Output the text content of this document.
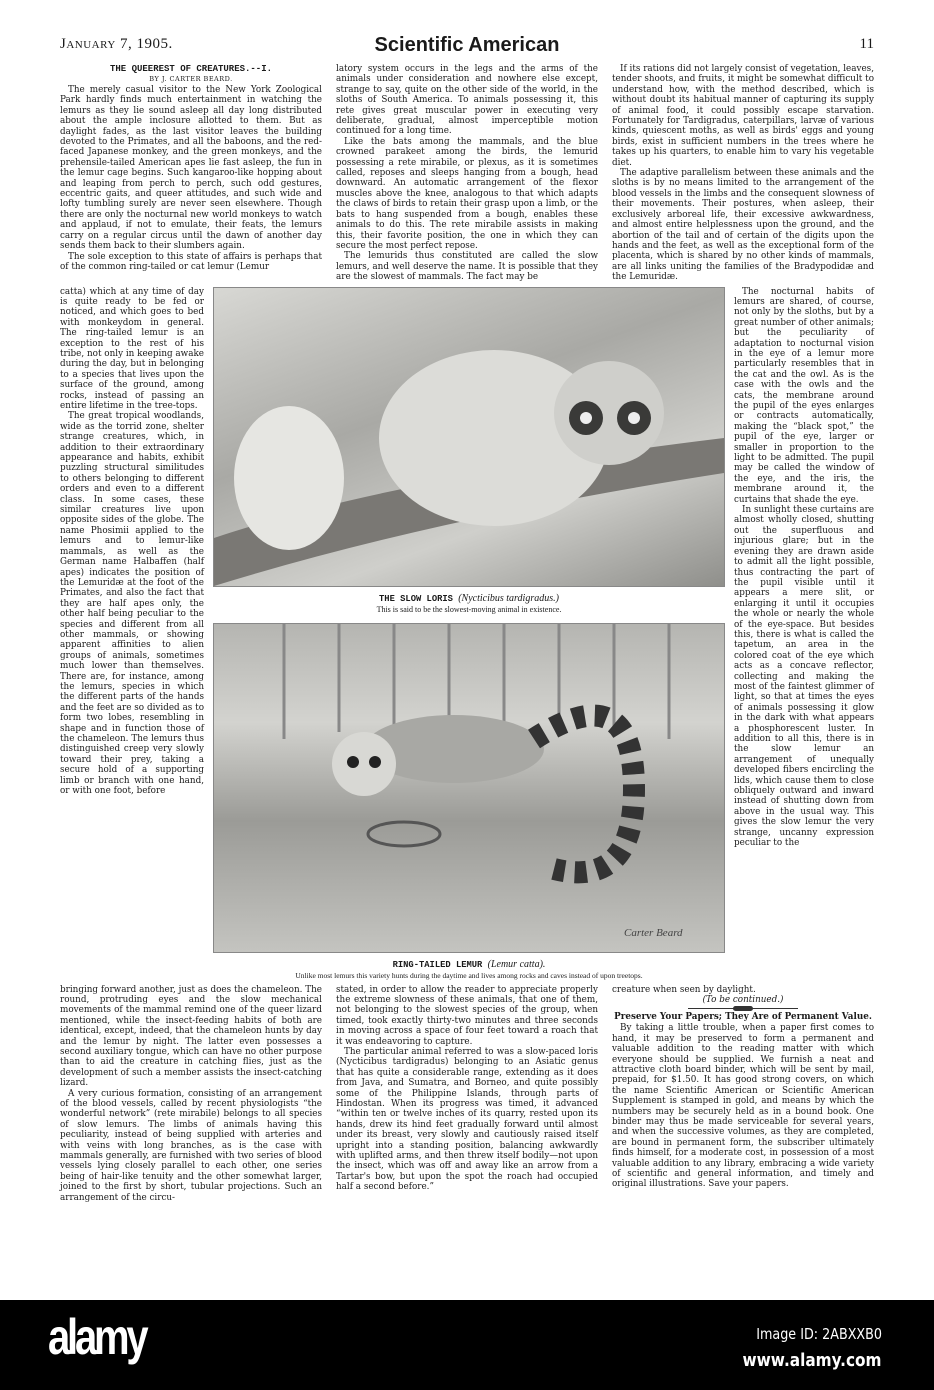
January 7, 1905.	Scientific American	11
THE QUEEREST OF CREATURES.--I.
BY J. CARTER BEARD.

The merely casual visitor to the New York Zoological Park hardly finds much entertainment in watching the lemurs as they lie sound asleep all day long distributed about the ample inclosure allotted to them. But as daylight fades, as the last visitor leaves the building devoted to the Primates, and all the baboons, and the red-faced Japanese monkey, and the green monkeys, and the prehensile-tailed American apes lie fast asleep, the fun in the lemur cage begins. Such kangaroo-like hopping about and leaping from perch to perch, such odd gestures, eccentric gaits, and queer attitudes, and such wide and lofty tumbling surely are never seen elsewhere. Though there are only the nocturnal new world monkeys to watch and applaud, if not to emulate, their feats, the lemurs carry on a regular circus until the dawn of another day sends them back to their slumbers again.

The sole exception to this state of affairs is perhaps that of the common ring-tailed or cat lemur (Lemur

latory system occurs in the legs and the arms of the animals under consideration and nowhere else except, strange to say, quite on the other side of the world, in the sloths of South America. To animals possessing it, this rete gives great muscular power in executing very deliberate, gradual, almost imperceptible motion continued for a long time.

Like the bats among the mammals, and the blue crowned parakeet among the birds, the lemurid possessing a rete mirabile, or plexus, as it is sometimes called, reposes and sleeps hanging from a bough, head downward. An automatic arrangement of the flexor muscles above the knee, analogous to that which adapts the claws of birds to retain their grasp upon a limb, or the bats to hang suspended from a bough, enables these animals to do this. The rete mirabile assists in making this, their favorite position, the one in which they can secure the most perfect repose.

The lemurids thus constituted are called the slow lemurs, and well deserve the name. It is possible that they are the slowest of mammals. The fact may be

If its rations did not largely consist of vegetation, leaves, tender shoots, and fruits, it might be somewhat difficult to understand how, with the method described, which is without doubt its habitual manner of capturing its supply of animal food, it could possibly escape starvation. Fortunately for Tardigradus, caterpillars, larvæ of various kinds, quiescent moths, as well as birds' eggs and young birds, exist in sufficient numbers in the trees where he takes up his quarters, to enable him to vary his vegetable diet.

The adaptive parallelism between these animals and the sloths is by no means limited to the arrangement of the blood vessels in the limbs and the consequent slowness of their movements. Their postures, when asleep, their exclusively arboreal life, their excessive awkwardness, and almost entire helplessness upon the ground, and the abortion of the tail and of certain of the digits upon the hands and the feet, as well as the exceptional form of the placenta, which is shared by no other kinds of mammals, are all links uniting the families of the Bradypodidæ and the Lemuridæ.

catta) which at any time of day is quite ready to be fed or noticed, and which goes to bed with monkeydom in general. The ring-tailed lemur is an exception to the rest of his tribe, not only in keeping awake during the day, but in belonging to a species that lives upon the surface of the ground, among rocks, instead of passing an entire lifetime in the tree-tops.

The great tropical woodlands, wide as the torrid zone, shelter strange creatures, which, in addition to their extraordinary appearance and habits, exhibit puzzling structural similitudes to others belonging to different orders and even to a different class. In some cases, these similar creatures live upon opposite sides of the globe. The name Phosimii applied to the lemurs and to lemur-like mammals, as well as the German name Halbaffen (half apes) indicates the position of the Lemuridæ at the foot of the Primates, and also the fact that they are half apes only, the other half being peculiar to the species and different from all other mammals, or showing apparent affinities to alien groups of animals, sometimes much lower than themselves. There are, for instance, among the lemurs, species in which the different parts of the hands and the feet are so divided as to form two lobes, resembling in shape and in function those of the chameleon. The lemurs thus distinguished creep very slowly toward their prey, taking a secure hold of a supporting limb or branch with one hand, or with one foot, before

THE SLOW LORIS (Nycticibus tardigradus.)
This is said to be the slowest-moving animal in existence.
Carter Beard
RING-TAILED LEMUR (Lemur catta).
Unlike most lemurs this variety hunts during the daytime and lives among rocks and caves instead of upon treetops.

The nocturnal habits of lemurs are shared, of course, not only by the sloths, but by a great number of other animals; but the peculiarity of adaptation to nocturnal vision in the eye of a lemur more particularly resembles that in the cat and the owl. As is the case with the owls and the cats, the membrane around the pupil of the eyes enlarges or contracts automatically, making the “black spot,” the pupil of the eye, larger or smaller in proportion to the light to be admitted. The pupil may be called the window of the eye, and the iris, the membrane around it, the curtains that shade the eye.

In sunlight these curtains are almost wholly closed, shutting out the superfluous and injurious glare; but in the evening they are drawn aside to admit all the light possible, thus contracting the part of the pupil visible until it appears a mere slit, or enlarging it until it occupies the whole or nearly the whole of the eye-space. But besides this, there is what is called the tapetum, an area in the colored coat of the eye which acts as a concave reflector, collecting and making the most of the faintest glimmer of light, so that at times the eyes of animals possessing it glow in the dark with what appears a phosphorescent luster. In addition to all this, there is in the slow lemur an arrangement of unequally developed fibers encircling the lids, which cause them to close obliquely outward and inward instead of shutting down from above in the usual way. This gives the slow lemur the very strange, uncanny expression peculiar to the

bringing forward another, just as does the chameleon. The round, protruding eyes and the slow mechanical movements of the mammal remind one of the queer lizard mentioned, while the insect-feeding habits of both are identical, except, indeed, that the chameleon hunts by day and the lemur by night. The latter even possesses a second auxiliary tongue, which can have no other purpose than to aid the creature in catching flies, just as the development of such a member assists the insect-catching lizard.

A very curious formation, consisting of an arrangement of the blood vessels, called by recent physiologists “the wonderful network” (rete mirabile) belongs to all species of slow lemurs. The limbs of animals having this peculiarity, instead of being supplied with arteries and with veins with long branches, as is the case with mammals generally, are furnished with two series of blood vessels lying closely parallel to each other, one series being of hair-like tenuity and the other somewhat larger, joined to the first by short, tubular projections. Such an arrangement of the circu-

stated, in order to allow the reader to appreciate properly the extreme slowness of these animals, that one of them, not belonging to the slowest species of the group, when timed, took exactly thirty-two minutes and three seconds in moving across a space of four feet toward a roach that it was endeavoring to capture.

The particular animal referred to was a slow-paced loris (Nycticibus tardigradus) belonging to an Asiatic genus that has quite a considerable range, extending as it does from Java, and Sumatra, and Borneo, and quite possibly some of the Philippine Islands, through parts of Hindostan. When its progress was timed, it advanced “within ten or twelve inches of its quarry, rested upon its hands, drew its hind feet gradually forward until almost under its breast, very slowly and cautiously raised itself upright into a standing position, balancing awkwardly with uplifted arms, and then threw itself bodily—not upon the insect, which was off and away like an arrow from a Tartar's bow, but upon the spot the roach had occupied half a second before.”

creature when seen by daylight.

(To be continued.)

Preserve Your Papers; They Are of Permanent Value.

By taking a little trouble, when a paper first comes to hand, it may be preserved to form a permanent and valuable addition to the reading matter with which everyone should be supplied. We furnish a neat and attractive cloth board binder, which will be sent by mail, prepaid, for $1.50. It has good strong covers, on which the name Scientific American or Scientific American Supplement is stamped in gold, and means by which the numbers may be securely held as in a bound book. One binder may thus be made serviceable for several years, and when the successive volumes, as they are completed, are bound in permanent form, the subscriber ultimately finds himself, for a moderate cost, in possession of a most valuable addition to any library, embracing a wide variety of scientific and general information, and timely and original illustrations. Save your papers.

alamy	Image ID: 2ABXXB0
www.alamy.com
